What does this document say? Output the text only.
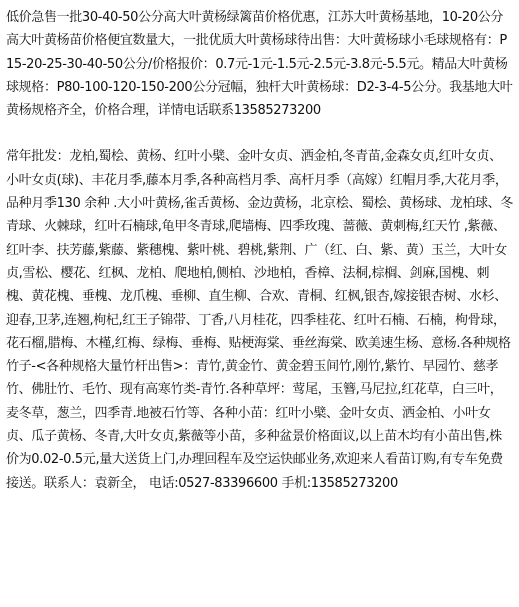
低价急售一批30-40-50公分高大叶黄杨绿篱苗价格优惠，江苏大叶黄杨基地，10-20公分高大叶黄杨苗价格便宜数量大，一批优质大叶黄杨球待出售：大叶黄杨球小毛球规格有：P15-20-25-30-40-50公分/价格报价：0.7元-1元-1.5元-2.5元-3.8元-5.5元。精品大叶黄杨球规格：P80-100-120-150-200公分冠幅，独杆大叶黄杨球：D2-3-4-5公分。我基地大叶黄杨规格齐全，价格合理，详情电话联系13585273200

常年批发：龙柏,蜀桧、黄杨、红叶小檗、金叶女贞、洒金柏,冬青苗,金森女贞,红叶女贞、小叶女贞(球)、丰花月季,藤本月季,各种高档月季、高杆月季（高嫁）红帽月季,大花月季，品种月季130 余种 .大小叶黄杨,雀舌黄杨、金边黄杨，北京桧、蜀桧、黄杨球、龙柏球、冬青球、火棘球，红叶石楠球,龟甲冬青球,爬墙梅、四季玫瑰、蔷薇、黄刺梅,红天竹 ,紫薇、红叶李、扶芳藤,紫藤、紫穗槐、紫叶桃、碧桃,紫荆、广（红、白、紫、黄）玉兰，大叶女贞,雪松、樱花、红枫、龙柏、爬地柏,侧柏、沙地柏，香樟、法桐,棕榈、剑麻,国槐、刺槐、黄花槐、垂槐、龙爪槐、垂柳、直生柳、合欢、青桐、红枫,银杏,嫁接银杏树、水杉、迎春,卫茅,连翘,枸杞,红王子锦带、丁香,八月桂花，四季桂花、红叶石楠、石楠，枸骨球，花石榴,腊梅、木槿,红梅、绿梅、垂梅、贴梗海棠、垂丝海棠、欧美速生杨、意杨.各种规格竹子-<各种规格大量竹杆出售>：青竹,黄金竹、黄金碧玉间竹,刚竹,紫竹、早园竹、慈孝竹、佛肚竹、毛竹、现有高寒竹类-青竹.各种草坪：莺尾，玉簪,马尼拉,红花草，白三叶，麦冬草，葱兰，四季青.地被石竹等、各种小苗：红叶小檗、金叶女贞、洒金柏、小叶女贞、瓜子黄杨、冬青,大叶女贞,紫薇等小苗，多种盆景价格面议,以上苗木均有小苗出售,株价为0.02-0.5元,量大送货上门,办理回程车及空运快邮业务,欢迎来人看苗订购,有专车免费接送。联系人：袁新全， 电话:0527-83396600 手机:13585273200
